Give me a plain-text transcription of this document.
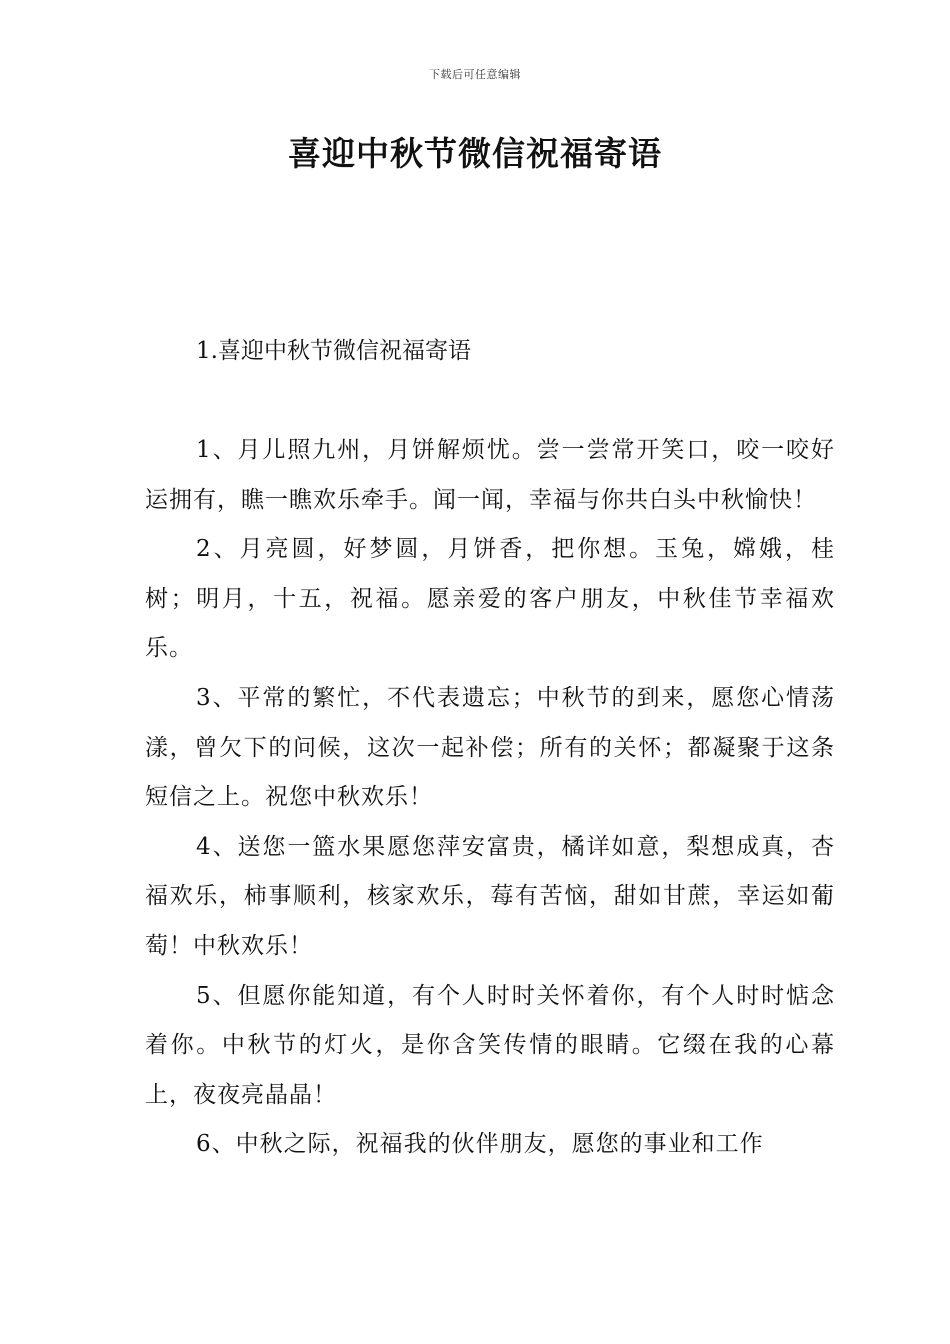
下载后可任意编辑
喜迎中秋节微信祝福寄语
1.喜迎中秋节微信祝福寄语

1、月儿照九州，月饼解烦忧。尝一尝常开笑口，咬一咬好运拥有，瞧一瞧欢乐牵手。闻一闻，幸福与你共白头中秋愉快！

2、月亮圆，好梦圆，月饼香，把你想。玉兔，嫦娥，桂树；明月，十五，祝福。愿亲爱的客户朋友，中秋佳节幸福欢乐。

3、平常的繁忙，不代表遗忘；中秋节的到来，愿您心情荡漾，曾欠下的问候，这次一起补偿；所有的关怀；都凝聚于这条短信之上。祝您中秋欢乐！

4、送您一篮水果愿您萍安富贵，橘详如意，梨想成真，杏福欢乐，柿事顺利，核家欢乐，莓有苦恼，甜如甘蔗，幸运如葡萄！中秋欢乐！

5、但愿你能知道，有个人时时关怀着你，有个人时时惦念着你。中秋节的灯火，是你含笑传情的眼睛。它缀在我的心幕上，夜夜亮晶晶！

6、中秋之际，祝福我的伙伴朋友，愿您的事业和工作
